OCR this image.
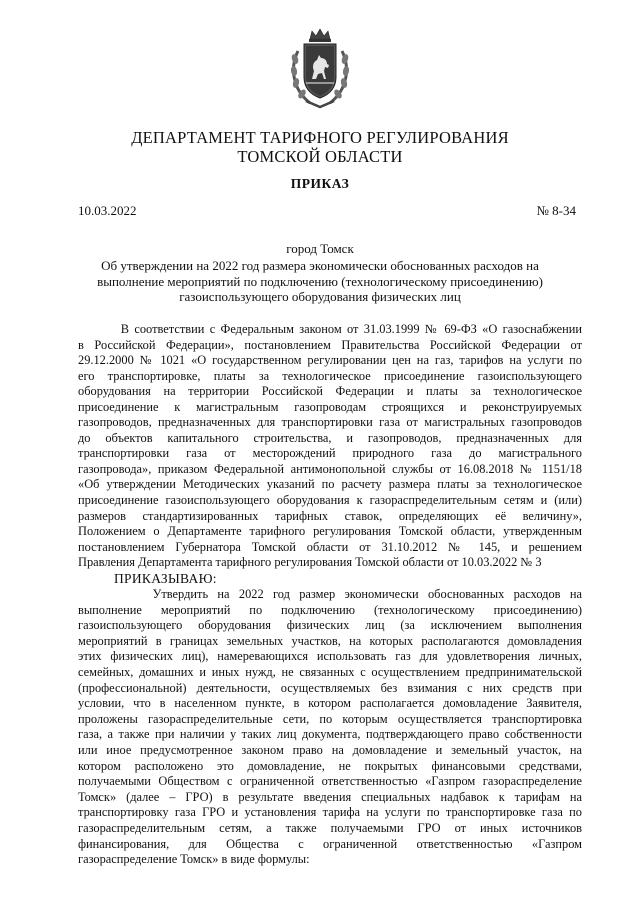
ДЕПАРТАМЕНТ ТАРИФНОГО РЕГУЛИРОВАНИЯ
ТОМСКОЙ ОБЛАСТИ
ПРИКАЗ
10.03.2022	№ 8-34
город Томск
Об утверждении на 2022 год размера экономически обоснованных расходов на
выполнение мероприятий по подключению (технологическому присоединению)
газоиспользующего оборудования физических лиц
В соответствии с Федеральным законом от 31.03.1999 № 69-ФЗ «О газоснабжении
в Российской Федерации», постановлением Правительства Российской Федерации от
29.12.2000 № 1021 «О государственном регулировании цен на газ, тарифов на услуги по
его транспортировке, платы за технологическое присоединение газоиспользующего
оборудования на территории Российской Федерации и платы за технологическое
присоединение к магистральным газопроводам строящихся и реконструируемых
газопроводов, предназначенных для транспортировки газа от магистральных газопроводов
до объектов капитального строительства, и газопроводов, предназначенных для
транспортировки газа от месторождений природного газа до магистрального
газопровода», приказом Федеральной антимонопольной службы от 16.08.2018 № 1151/18
«Об утверждении Методических указаний по расчету размера платы за технологическое
присоединение газоиспользующего оборудования к газораспределительным сетям и (или)
размеров стандартизированных тарифных ставок, определяющих её величину»,
Положением о Департаменте тарифного регулирования Томской области, утвержденным
постановлением Губернатора Томской области от 31.10.2012 № 145, и решением
Правления Департамента тарифного регулирования Томской области от 10.03.2022 № 3
ПРИКАЗЫВАЮ:
Утвердить на 2022 год размер экономически обоснованных расходов на
выполнение мероприятий по подключению (технологическому присоединению)
газоиспользующего оборудования физических лиц (за исключением выполнения
мероприятий в границах земельных участков, на которых располагаются домовладения
этих физических лиц), намеревающихся использовать газ для удовлетворения личных,
семейных, домашних и иных нужд, не связанных с осуществлением предпринимательской
(профессиональной) деятельности, осуществляемых без взимания с них средств при
условии, что в населенном пункте, в котором располагается домовладение Заявителя,
проложены газораспределительные сети, по которым осуществляется транспортировка
газа, а также при наличии у таких лиц документа, подтверждающего право собственности
или иное предусмотренное законом право на домовладение и земельный участок, на
котором расположено это домовладение, не покрытых финансовыми средствами,
получаемыми Обществом с ограниченной ответственностью «Газпром газораспределение
Томск» (далее – ГРО) в результате введения специальных надбавок к тарифам на
транспортировку газа ГРО и установления тарифа на услуги по транспортировке газа по
газораспределительным сетям, а также получаемыми ГРО от иных источников
финансирования, для Общества с ограниченной ответственностью «Газпром
газораспределение Томск» в виде формулы:
